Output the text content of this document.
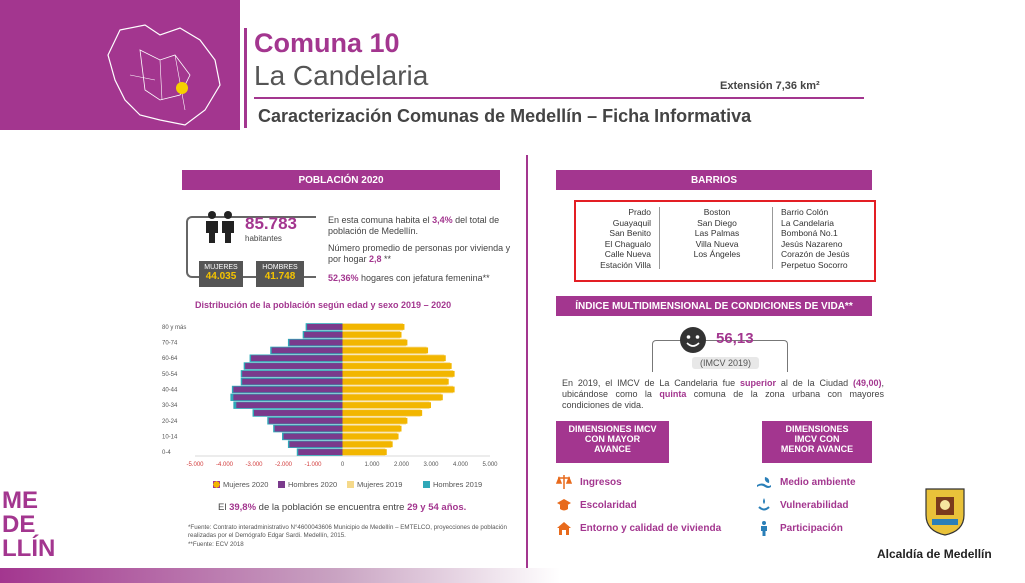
Comuna 10
La Candelaria	Extensión 7,36 km²
Caracterización Comunas de Medellín – Ficha Informativa
POBLACIÓN 2020
85.783
habitantes
MUJERES
44.035
HOMBRES
41.748
En esta comuna habita el 3,4% del total de población de Medellín.
Número promedio de personas por vivienda y por hogar 2,8 **
52,36% hogares con jefatura femenina**
Distribución de la población según edad y sexo 2019 – 2020
0-4
10-14
20-24
30-34
40-44
50-54
60-64
70-74
80 y más
-5.000 -4.000 -3.000 -2.000 -1.000	0	1.000 2.000 3.000 4.000 5.000
Mujeres 2020	Hombres 2020	Mujeres 2019	Hombres 2019
El 39,8% de la población se encuentra entre 29 y 54 años.
*Fuente: Contrato interadministrativo N°4600043606 Municipio de Medellín – EMTELCO, proyecciones de población realizadas por el Demógrafo Edgar Sardi. Medellín, 2015.
**Fuente: ECV 2018
BARRIOS
Prado
Guayaquil
San Benito
El Chagualo
Calle Nueva
Estación Villa
Boston
San Diego
Las Palmas
Villa Nueva
Los Ángeles
Barrio Colón
La Candelaria
Bomboná No.1
Jesús Nazareno
Corazón de Jesús
Perpetuo Socorro
ÍNDICE MULTIDIMENSIONAL DE CONDICIONES DE VIDA**
56,13
(IMCV 2019)
En 2019, el IMCV de La Candelaria fue superior al de la Ciudad (49,00), ubicándose como la quinta comuna de la zona urbana con mayores condiciones de vida.
DIMENSIONES IMCV CON MAYOR AVANCE
DIMENSIONES IMCV CON MENOR AVANCE
Ingresos
Escolaridad
Entorno y calidad de vivienda
Medio ambiente
Vulnerabilidad
Participación
ME
DE
LLÍN	Alcaldía de Medellín
